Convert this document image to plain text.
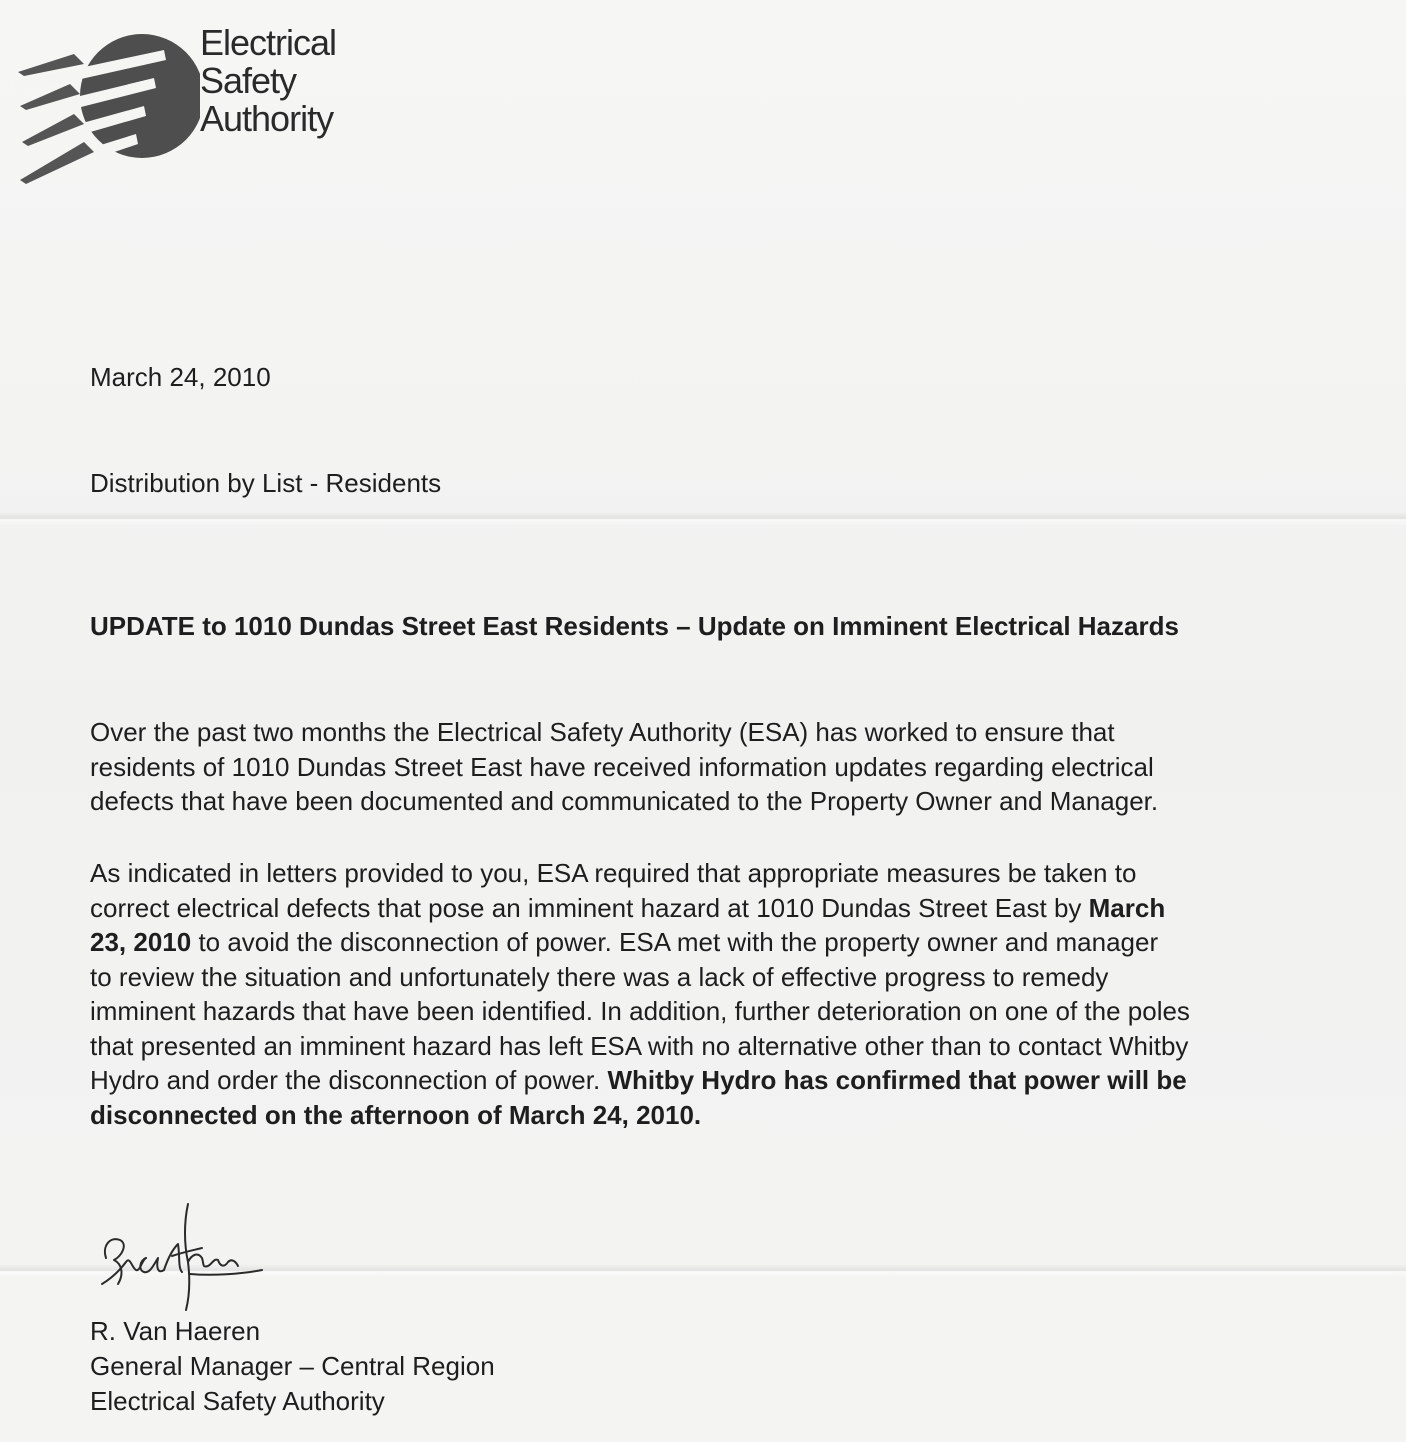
Electrical
Safety
Authority
March 24, 2010
Distribution by List - Residents
UPDATE to 1010 Dundas Street East Residents – Update on Imminent Electrical Hazards
Over the past two months the Electrical Safety Authority (ESA) has worked to ensure that
residents of 1010 Dundas Street East have received information updates regarding electrical
defects that have been documented and communicated to the Property Owner and Manager.
As indicated in letters provided to you, ESA required that appropriate measures be taken to
correct electrical defects that pose an imminent hazard at 1010 Dundas Street East by March
23, 2010 to avoid the disconnection of power. ESA met with the property owner and manager
to review the situation and unfortunately there was a lack of effective progress to remedy
imminent hazards that have been identified. In addition, further deterioration on one of the poles
that presented an imminent hazard has left ESA with no alternative other than to contact Whitby
Hydro and order the disconnection of power. Whitby Hydro has confirmed that power will be
disconnected on the afternoon of March 24, 2010.
R. Van Haeren
General Manager – Central Region
Electrical Safety Authority
